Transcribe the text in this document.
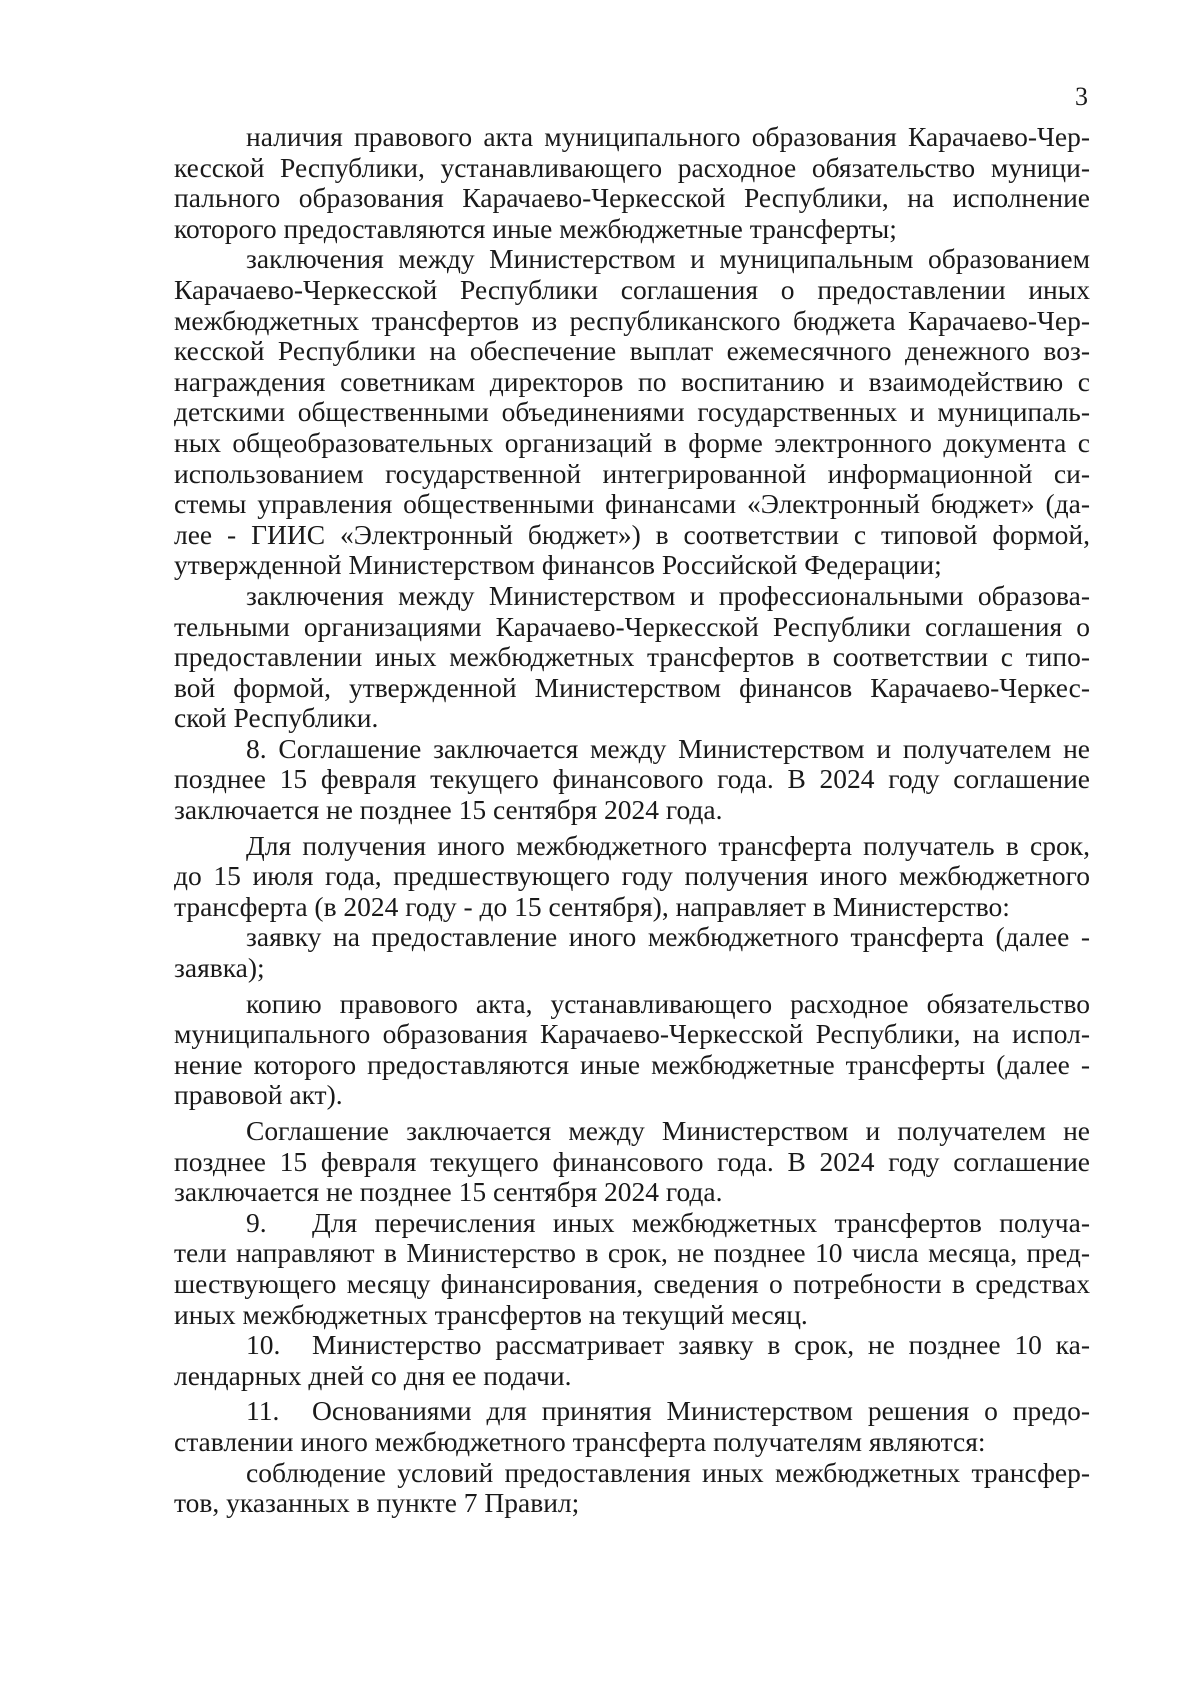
3

наличия правового акта муниципального образования Карачаево-Чер-
кесской Республики, устанавливающего расходное обязательство муници-
пального образования Карачаево-Черкесской Республики, на исполнение
которого предоставляются иные межбюджетные трансферты;

заключения между Министерством и муниципальным образованием
Карачаево-Черкесской Республики соглашения о предоставлении иных
межбюджетных трансфертов из республиканского бюджета Карачаево-Чер-
кесской Республики на обеспечение выплат ежемесячного денежного воз-
награждения советникам директоров по воспитанию и взаимодействию с
детскими общественными объединениями государственных и муниципаль-
ных общеобразовательных организаций в форме электронного документа с
использованием государственной интегрированной информационной си-
стемы управления общественными финансами «Электронный бюджет» (да-
лее - ГИИС «Электронный бюджет») в соответствии с типовой формой,
утвержденной Министерством финансов Российской Федерации;

заключения между Министерством и профессиональными образова-
тельными организациями Карачаево-Черкесской Республики соглашения о
предоставлении иных межбюджетных трансфертов в соответствии с типо-
вой формой, утвержденной Министерством финансов Карачаево-Черкес-
ской Республики.

8. Соглашение заключается между Министерством и получателем не
позднее 15 февраля текущего финансового года. В 2024 году соглашение
заключается не позднее 15 сентября 2024 года.

Для получения иного межбюджетного трансферта получатель в срок,
до 15 июля года, предшествующего году получения иного межбюджетного
трансферта (в 2024 году - до 15 сентября), направляет в Министерство:

заявку на предоставление иного межбюджетного трансферта (далее -
заявка);

копию правового акта, устанавливающего расходное обязательство
муниципального образования Карачаево-Черкесской Республики, на испол-
нение которого предоставляются иные межбюджетные трансферты (далее -
правовой акт).

Соглашение заключается между Министерством и получателем не
позднее 15 февраля текущего финансового года. В 2024 году соглашение
заключается не позднее 15 сентября 2024 года.

9. Для перечисления иных межбюджетных трансфертов получа-
тели направляют в Министерство в срок, не позднее 10 числа месяца, пред-
шествующего месяцу финансирования, сведения о потребности в средствах
иных межбюджетных трансфертов на текущий месяц.

10. Министерство рассматривает заявку в срок, не позднее 10 ка-
лендарных дней со дня ее подачи.

11. Основаниями для принятия Министерством решения о предо-
ставлении иного межбюджетного трансферта получателям являются:

соблюдение условий предоставления иных межбюджетных трансфер-
тов, указанных в пункте 7 Правил;
